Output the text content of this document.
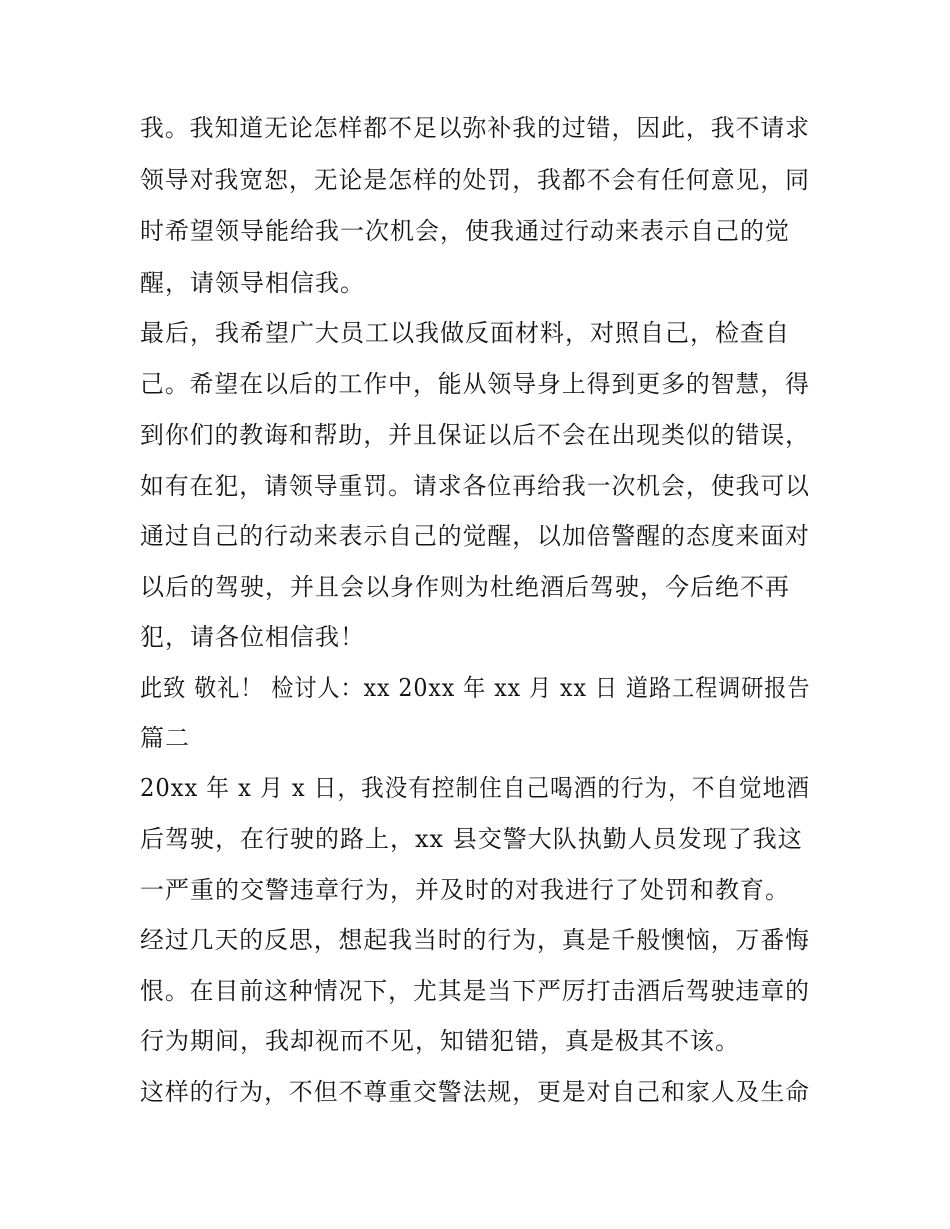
我。我知道无论怎样都不足以弥补我的过错，因此，我不请求
领导对我宽恕，无论是怎样的处罚，我都不会有任何意见，同
时希望领导能给我一次机会，使我通过行动来表示自己的觉
醒，请领导相信我。
最后，我希望广大员工以我做反面材料，对照自己，检查自
己。希望在以后的工作中，能从领导身上得到更多的智慧，得
到你们的教诲和帮助，并且保证以后不会在出现类似的错误，
如有在犯，请领导重罚。请求各位再给我一次机会，使我可以
通过自己的行动来表示自己的觉醒，以加倍警醒的态度来面对
以后的驾驶，并且会以身作则为杜绝酒后驾驶，今后绝不再
犯，请各位相信我！
此致 敬礼！ 检讨人：xx 20xx 年 xx 月 xx 日 道路工程调研报告
篇二
20xx 年 x 月 x 日，我没有控制住自己喝酒的行为，不自觉地酒
后驾驶，在行驶的路上，xx 县交警大队执勤人员发现了我这
一严重的交警违章行为，并及时的对我进行了处罚和教育。
经过几天的反思，想起我当时的行为，真是千般懊恼，万番悔
恨。在目前这种情况下，尤其是当下严厉打击酒后驾驶违章的
行为期间，我却视而不见，知错犯错，真是极其不该。
这样的行为，不但不尊重交警法规，更是对自己和家人及生命
